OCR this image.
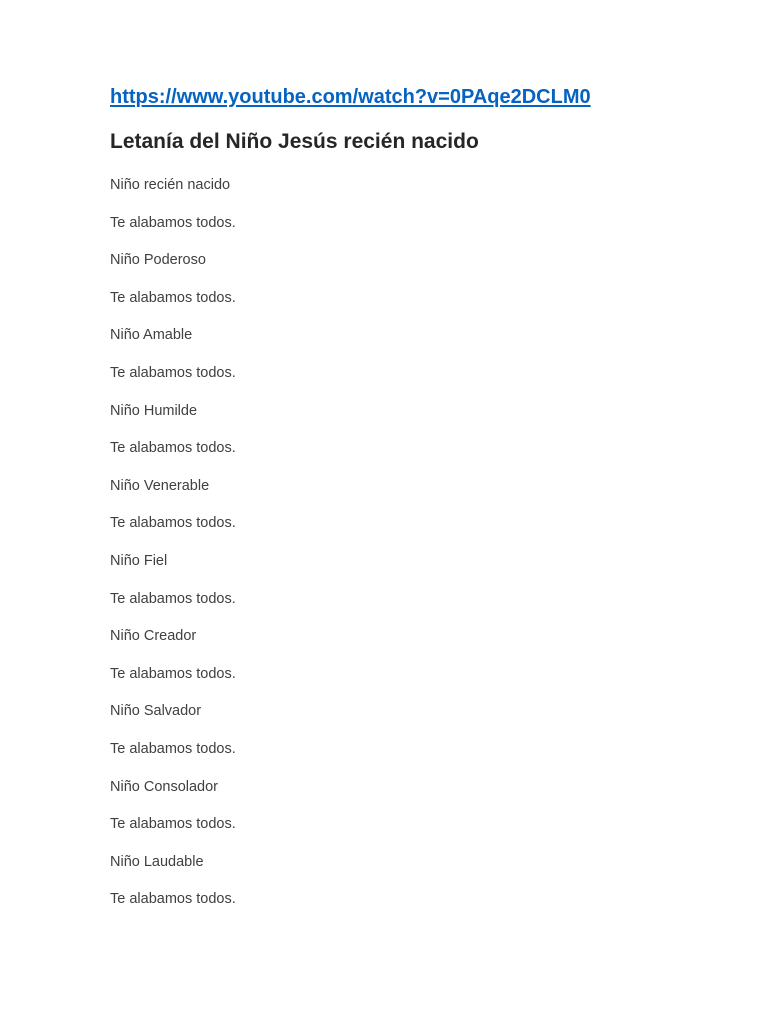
https://www.youtube.com/watch?v=0PAqe2DCLM0
Letanía del Niño Jesús recién nacido
Niño recién nacido
Te alabamos todos.
Niño Poderoso
Te alabamos todos.
Niño Amable
Te alabamos todos.
Niño Humilde
Te alabamos todos.
Niño Venerable
Te alabamos todos.
Niño Fiel
Te alabamos todos.
Niño Creador
Te alabamos todos.
Niño Salvador
Te alabamos todos.
Niño Consolador
Te alabamos todos.
Niño Laudable
Te alabamos todos.
